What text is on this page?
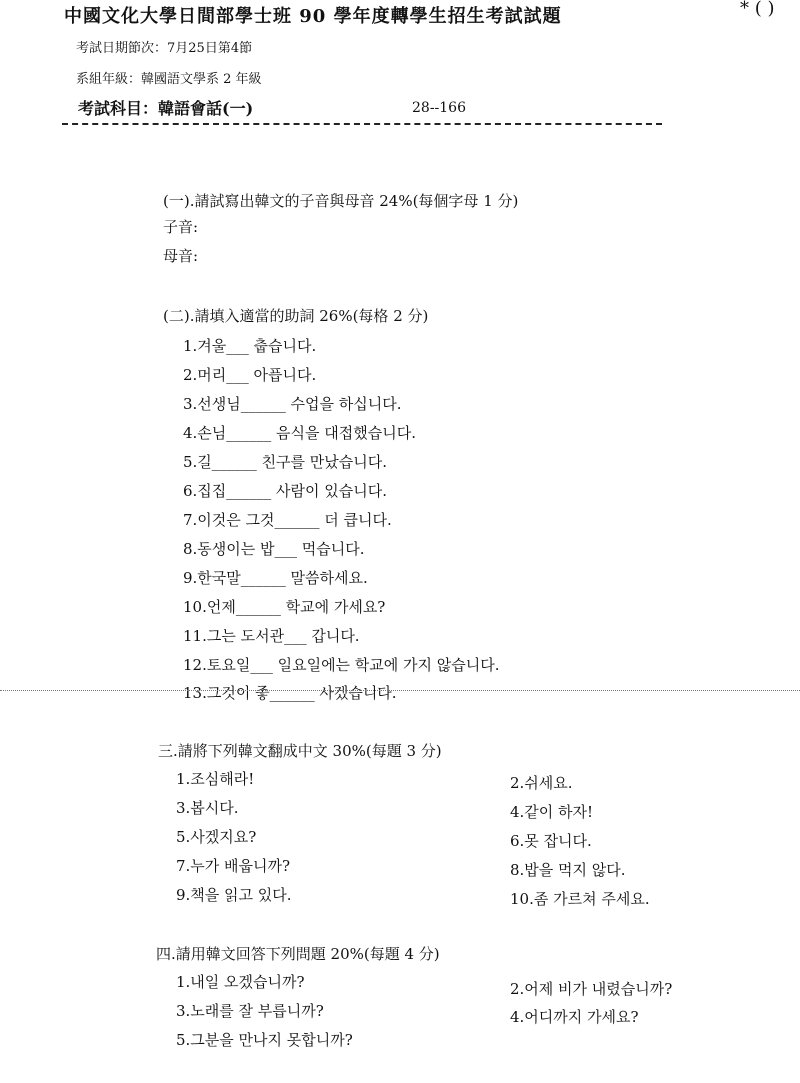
中國文化大學日間部學士班 90 學年度轉學生招生考試試題	* ( )
考試日期節次：7月25日第4節
系組年級：韓國語文學系 2 年級
考試科目：韓語會話(一)	28--166
(一).請試寫出韓文的子音與母音 24%(每個字母 1 分)
子音:
母音:
(二).請填入適當的助詞 26%(每格 2 分)
1.겨울___ 춥습니다.
2.머리___ 아픕니다.
3.선생님______ 수업을 하십니다.
4.손님______ 음식을 대접했습니다.
5.길______ 친구를 만났습니다.
6.집집______ 사람이 있습니다.
7.이것은 그것______ 더 큽니다.
8.동생이는 밥___ 먹습니다.
9.한국말______ 말씀하세요.
10.언제______ 학교에 가세요?
11.그는 도서관___ 갑니다.
12.토요일___ 일요일에는 학교에 가지 않습니다.
13.그것이 좋______ 사겠습니다.
三.請將下列韓文翻成中文 30%(每題 3 分)
1.조심해라!
3.봅시다.
5.사겠지요?
7.누가 배웁니까?
9.책을 읽고 있다.
2.쉬세요.
4.같이 하자!
6.못 잡니다.
8.밥을 먹지 않다.
10.좀 가르쳐 주세요.
四.請用韓文回答下列問題 20%(每題 4 分)
1.내일 오겠습니까?
3.노래를 잘 부릅니까?
5.그분을 만나지 못합니까?
2.어제 비가 내렸습니까?
4.어디까지 가세요?
